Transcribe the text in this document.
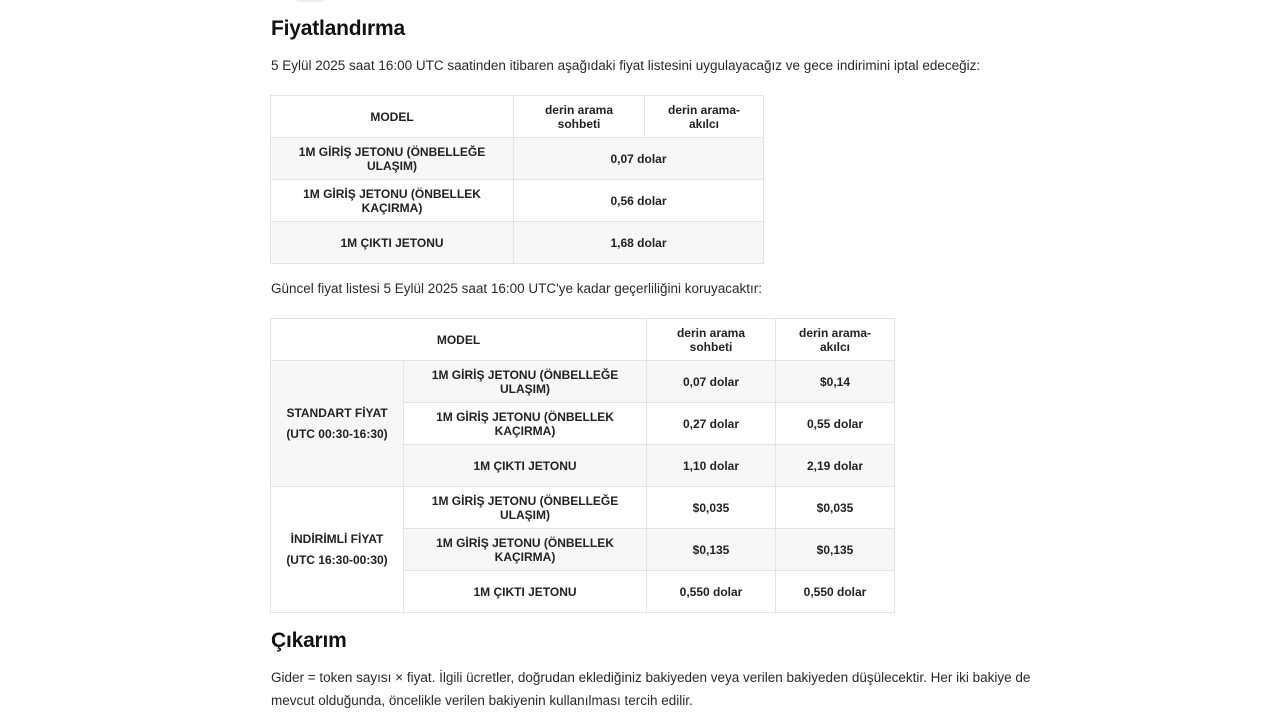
Fiyatlandırma

5 Eylül 2025 saat 16:00 UTC saatinden itibaren aşağıdaki fiyat listesini uygulayacağız ve gece indirimini iptal edeceğiz:

MODEL	derin arama sohbeti	derin arama-akılcı
1M GİRİŞ JETONU (ÖNBELLEĞE ULAŞIM)	0,07 dolar	
1M GİRİŞ JETONU (ÖNBELLEK KAÇIRMA)	0,56 dolar	
1M ÇIKTI JETONU	1,68 dolar	

Güncel fiyat listesi 5 Eylül 2025 saat 16:00 UTC'ye kadar geçerliliğini koruyacaktır:

MODEL		derin arama sohbeti	derin arama-akılcı

STANDART FİYAT
(UTC 00:30-16:30)	1M GİRİŞ JETONU (ÖNBELLEĞE ULAŞIM)	0,07 dolar	$0,14
	1M GİRİŞ JETONU (ÖNBELLEK KAÇIRMA)	0,27 dolar	0,55 dolar
	1M ÇIKTI JETONU	1,10 dolar	2,19 dolar

İNDİRİMLİ FİYAT
(UTC 16:30-00:30)	1M GİRİŞ JETONU (ÖNBELLEĞE ULAŞIM)	$0,035	$0,035
	1M GİRİŞ JETONU (ÖNBELLEK KAÇIRMA)	$0,135	$0,135
	1M ÇIKTI JETONU	0,550 dolar	0,550 dolar
Çıkarım

Gider = token sayısı × fiyat. İlgili ücretler, doğrudan eklediğiniz bakiyeden veya verilen bakiyeden düşülecektir. Her iki bakiye de mevcut olduğunda, öncelikle verilen bakiyenin kullanılması tercih edilir.
